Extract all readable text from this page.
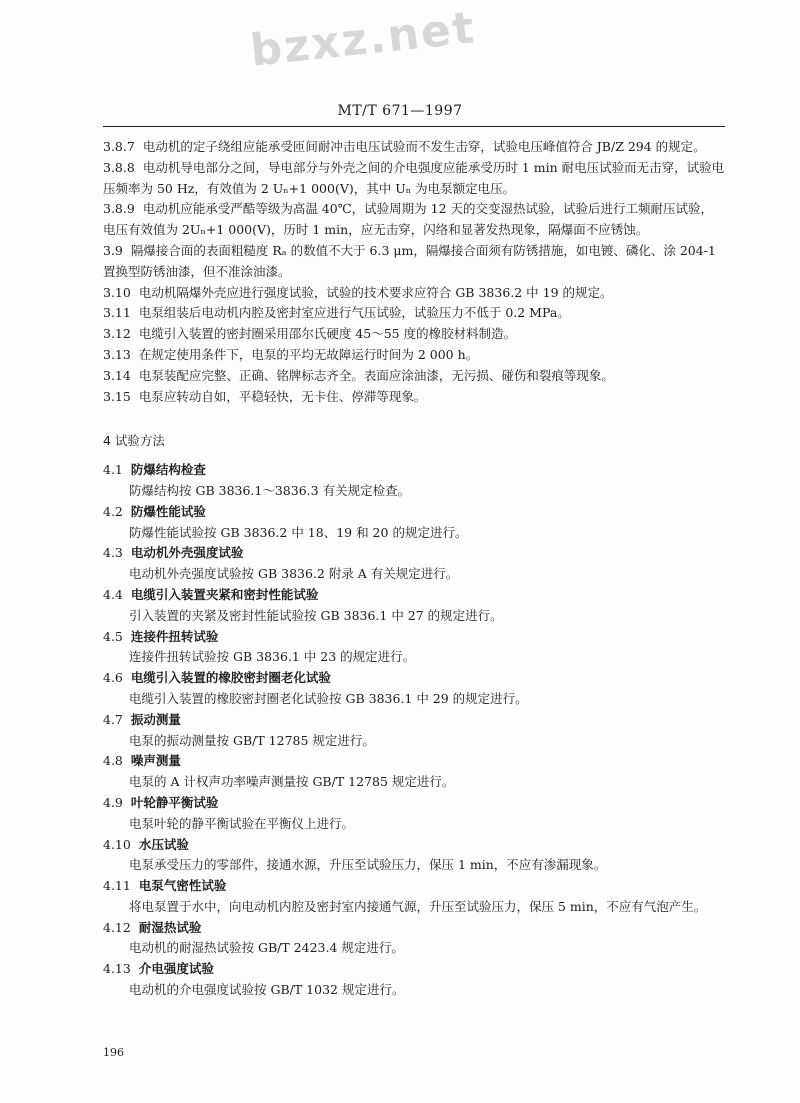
bzxz.net
MT/T 671—1997

3.8.7 电动机的定子绕组应能承受匝间耐冲击电压试验而不发生击穿，试验电压峰值符合 JB/Z 294 的规定。

3.8.8 电动机导电部分之间，导电部分与外壳之间的介电强度应能承受历时 1 min 耐电压试验而无击穿，试验电压频率为 50 Hz，有效值为 2 Uₙ+1 000(V)，其中 Uₙ 为电泵额定电压。

3.8.9 电动机应能承受严酷等级为高温 40℃，试验周期为 12 天的交变湿热试验，试验后进行工频耐压试验，电压有效值为 2Uₙ+1 000(V)，历时 1 min，应无击穿，闪络和显著发热现象，隔爆面不应锈蚀。

3.9 隔爆接合面的表面粗糙度 Rₐ 的数值不大于 6.3 μm，隔爆接合面须有防锈措施，如电镀、磷化、涂 204-1 置换型防锈油漆，但不准涂油漆。

3.10 电动机隔爆外壳应进行强度试验，试验的技术要求应符合 GB 3836.2 中 19 的规定。

3.11 电泵组装后电动机内腔及密封室应进行气压试验，试验压力不低于 0.2 MPa。

3.12 电缆引入装置的密封圈采用邵尔氏硬度 45～55 度的橡胶材料制造。

3.13 在规定使用条件下，电泵的平均无故障运行时间为 2 000 h。

3.14 电泵装配应完整、正确、铭牌标志齐全。表面应涂油漆，无污损、碰伤和裂痕等现象。

3.15 电泵应转动自如，平稳轻快，无卡住、停滞等现象。

4 试验方法

4.1 防爆结构检查

防爆结构按 GB 3836.1～3836.3 有关规定检查。

4.2 防爆性能试验

防爆性能试验按 GB 3836.2 中 18、19 和 20 的规定进行。

4.3 电动机外壳强度试验

电动机外壳强度试验按 GB 3836.2 附录 A 有关规定进行。

4.4 电缆引入装置夹紧和密封性能试验

引入装置的夹紧及密封性能试验按 GB 3836.1 中 27 的规定进行。

4.5 连接件扭转试验

连接件扭转试验按 GB 3836.1 中 23 的规定进行。

4.6 电缆引入装置的橡胶密封圈老化试验

电缆引入装置的橡胶密封圈老化试验按 GB 3836.1 中 29 的规定进行。

4.7 振动测量

电泵的振动测量按 GB/T 12785 规定进行。

4.8 噪声测量

电泵的 A 计权声功率噪声测量按 GB/T 12785 规定进行。

4.9 叶轮静平衡试验

电泵叶轮的静平衡试验在平衡仪上进行。

4.10 水压试验

电泵承受压力的零部件，接通水源，升压至试验压力，保压 1 min，不应有渗漏现象。

4.11 电泵气密性试验

将电泵置于水中，向电动机内腔及密封室内接通气源，升压至试验压力，保压 5 min，不应有气泡产生。

4.12 耐湿热试验

电动机的耐湿热试验按 GB/T 2423.4 规定进行。

4.13 介电强度试验

电动机的介电强度试验按 GB/T 1032 规定进行。

196
